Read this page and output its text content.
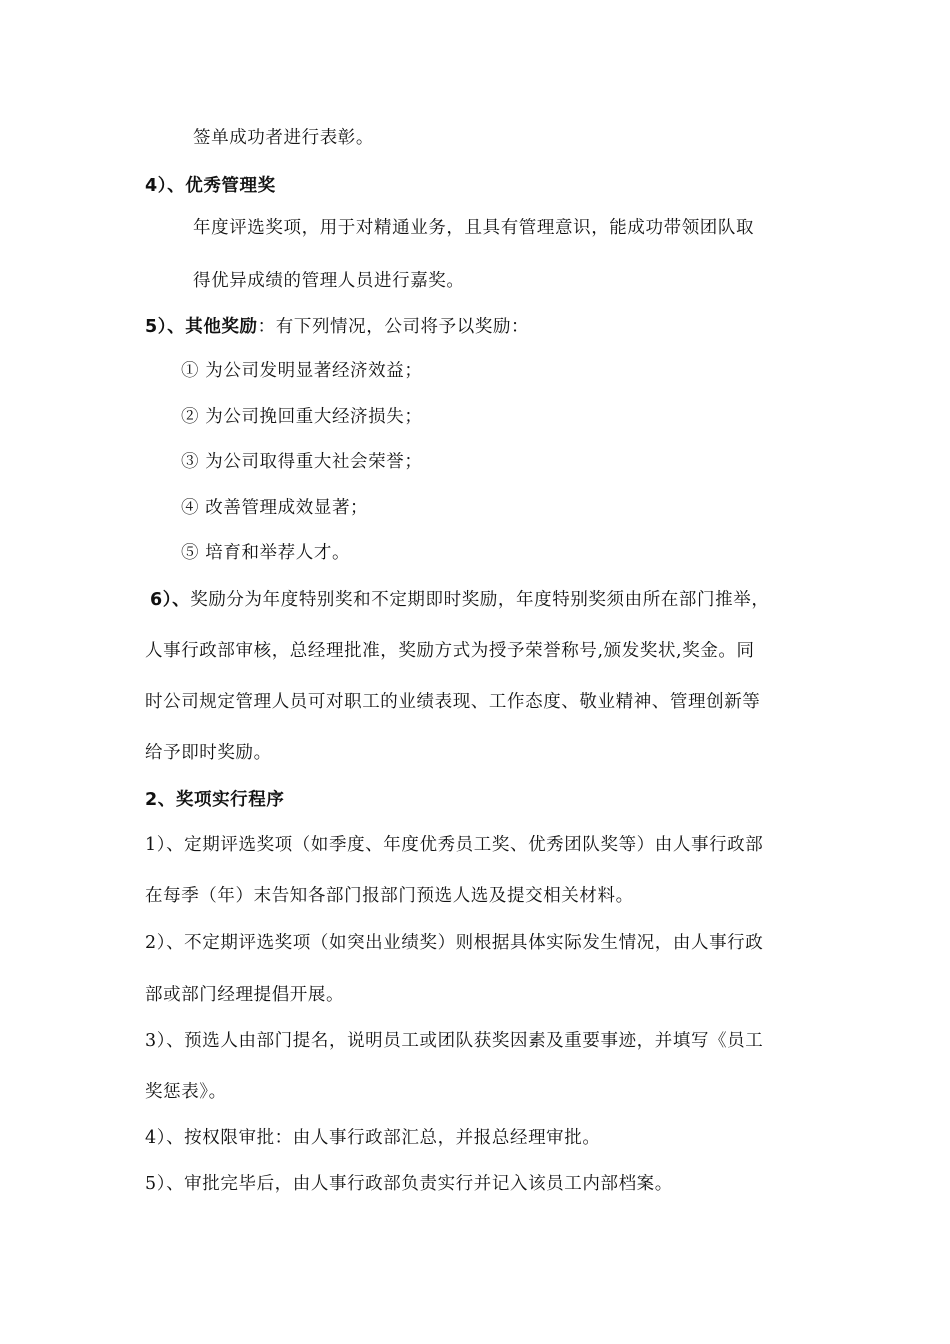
签单成功者进行表彰。
4）、优秀管理奖
年度评选奖项，用于对精通业务，且具有管理意识，能成功带领团队取
得优异成绩的管理人员进行嘉奖。
5）、其他奖励：有下列情况，公司将予以奖励：
① 为公司发明显著经济效益；
② 为公司挽回重大经济损失；
③ 为公司取得重大社会荣誉；
④ 改善管理成效显著；
⑤ 培育和举荐人才。
6）、奖励分为年度特别奖和不定期即时奖励，年度特别奖须由所在部门推举，
人事行政部审核，总经理批准，奖励方式为授予荣誉称号,颁发奖状,奖金。同
时公司规定管理人员可对职工的业绩表现、工作态度、敬业精神、管理创新等
给予即时奖励。
2、奖项实行程序
1）、定期评选奖项（如季度、年度优秀员工奖、优秀团队奖等）由人事行政部
在每季（年）末告知各部门报部门预选人选及提交相关材料。
2）、不定期评选奖项（如突出业绩奖）则根据具体实际发生情况，由人事行政
部或部门经理提倡开展。
3）、预选人由部门提名，说明员工或团队获奖因素及重要事迹，并填写《员工
奖惩表》。
4）、按权限审批：由人事行政部汇总，并报总经理审批。
5）、审批完毕后，由人事行政部负责实行并记入该员工内部档案。
